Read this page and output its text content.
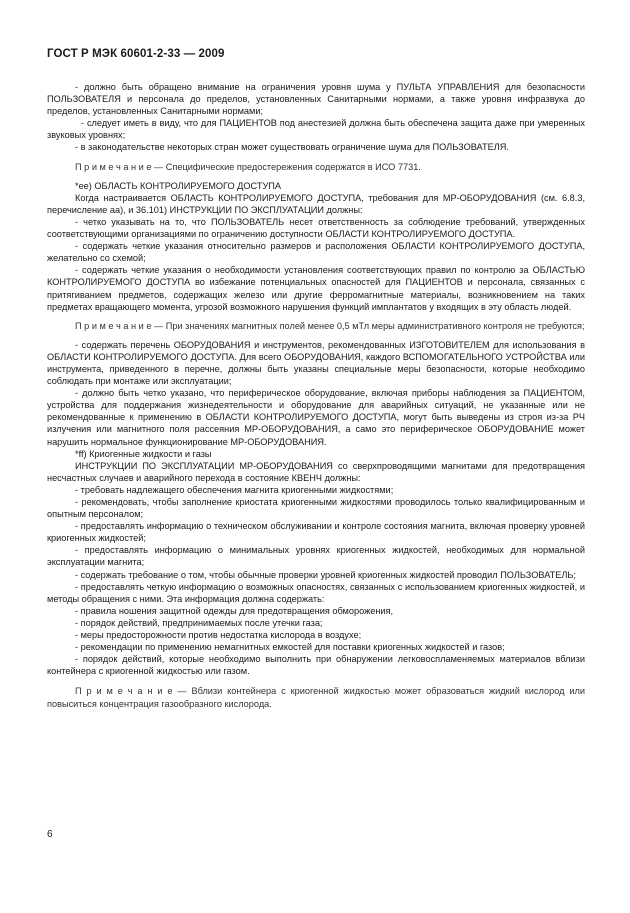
ГОСТ Р МЭК 60601-2-33 — 2009

- должно быть обращено внимание на ограничения уровня шума у ПУЛЬТА УПРАВЛЕНИЯ для безопасности ПОЛЬЗОВАТЕЛЯ и персонала до пределов, установленных Санитарными нормами, а также уровня инфразвука до пределов, установленных Санитарными нормами;

- следует иметь в виду, что для ПАЦИЕНТОВ под анестезией должна быть обеспечена защита даже при умеренных звуковых уровнях;

- в законодательстве некоторых стран может существовать ограничение шума для ПОЛЬЗОВАТЕЛЯ.

П р и м е ч а н и е — Специфические предостережения содержатся в ИСО 7731.

*ee) ОБЛАСТЬ КОНТРОЛИРУЕМОГО ДОСТУПА

Когда настраивается ОБЛАСТЬ КОНТРОЛИРУЕМОГО ДОСТУПА, требования для МР-ОБОРУДОВАНИЯ (см. 6.8.3, перечисление аа), и 36.101) ИНСТРУКЦИИ ПО ЭКСПЛУАТАЦИИ должны:

- четко указывать на то, что ПОЛЬЗОВАТЕЛЬ несет ответственность за соблюдение требований, утвержденных соответствующими организациями по ограничению доступности ОБЛАСТИ КОНТРОЛИРУЕМОГО ДОСТУПА.

- содержать четкие указания относительно размеров и расположения ОБЛАСТИ КОНТРОЛИРУЕМОГО ДОСТУПА, желательно со схемой;

- содержать четкие указания о необходимости установления соответствующих правил по контролю за ОБЛАСТЬЮ КОНТРОЛИРУЕМОГО ДОСТУПА во избежание потенциальных опасностей для ПАЦИЕНТОВ и персонала, связанных с притягиванием предметов, содержащих железо или другие ферромагнитные материалы, возникновением на таких предметах вращающего момента, угрозой возможного нарушения функций имплантатов у входящих в эту область людей.

П р и м е ч а н и е — При значениях магнитных полей менее 0,5 мТл меры административного контроля не требуются;

- содержать перечень ОБОРУДОВАНИЯ и инструментов, рекомендованных ИЗГОТОВИТЕЛЕМ для использования в ОБЛАСТИ КОНТРОЛИРУЕМОГО ДОСТУПА. Для всего ОБОРУДОВАНИЯ, каждого ВСПОМОГАТЕЛЬНОГО УСТРОЙСТВА или инструмента, приведенного в перечне, должны быть указаны специальные меры безопасности, которые необходимо соблюдать при монтаже или эксплуатации;

- должно быть четко указано, что периферическое оборудование, включая приборы наблюдения за ПАЦИЕНТОМ, устройства для поддержания жизнедеятельности и оборудование для аварийных ситуаций, не указанные или не рекомендованные к применению в ОБЛАСТИ КОНТРОЛИРУЕМОГО ДОСТУПА, могут быть выведены из строя из-за РЧ излучения или магнитного поля рассеяния МР-ОБОРУДОВАНИЯ, а само это периферическое ОБОРУДОВАНИЕ может нарушить нормальное функционирование МР-ОБОРУДОВАНИЯ.

*ff) Криогенные жидкости и газы

ИНСТРУКЦИИ ПО ЭКСПЛУАТАЦИИ МР-ОБОРУДОВАНИЯ со сверхпроводящими магнитами для предотвращения несчастных случаев и аварийного перехода в состояние КВЕНЧ должны:

- требовать надлежащего обеспечения магнита криогенными жидкостями;

- рекомендовать, чтобы заполнение криостата криогенными жидкостями проводилось только квалифицированным и опытным персоналом;

- предоставлять информацию о техническом обслуживании и контроле состояния магнита, включая проверку уровней криогенных жидкостей;

- предоставлять информацию о минимальных уровнях криогенных жидкостей, необходимых для нормальной эксплуатации магнита;

- содержать требование о том, чтобы обычные проверки уровней криогенных жидкостей проводил ПОЛЬЗОВАТЕЛЬ;

- предоставлять четкую информацию о возможных опасностях, связанных с использованием криогенных жидкостей, и методы обращения с ними. Эта информация должна содержать:

- правила ношения защитной одежды для предотвращения обморожения,

- порядок действий, предпринимаемых после утечки газа;

- меры предосторожности против недостатка кислорода в воздухе;

- рекомендации по применению немагнитных емкостей для поставки криогенных жидкостей и газов;

- порядок действий, которые необходимо выполнить при обнаружении легковоспламеняемых материалов вблизи контейнера с криогенной жидкостью или газом.

П р и м е ч а н и е — Вблизи контейнера с криогенной жидкостью может образоваться жидкий кислород или повыситься концентрация газообразного кислорода.

6
